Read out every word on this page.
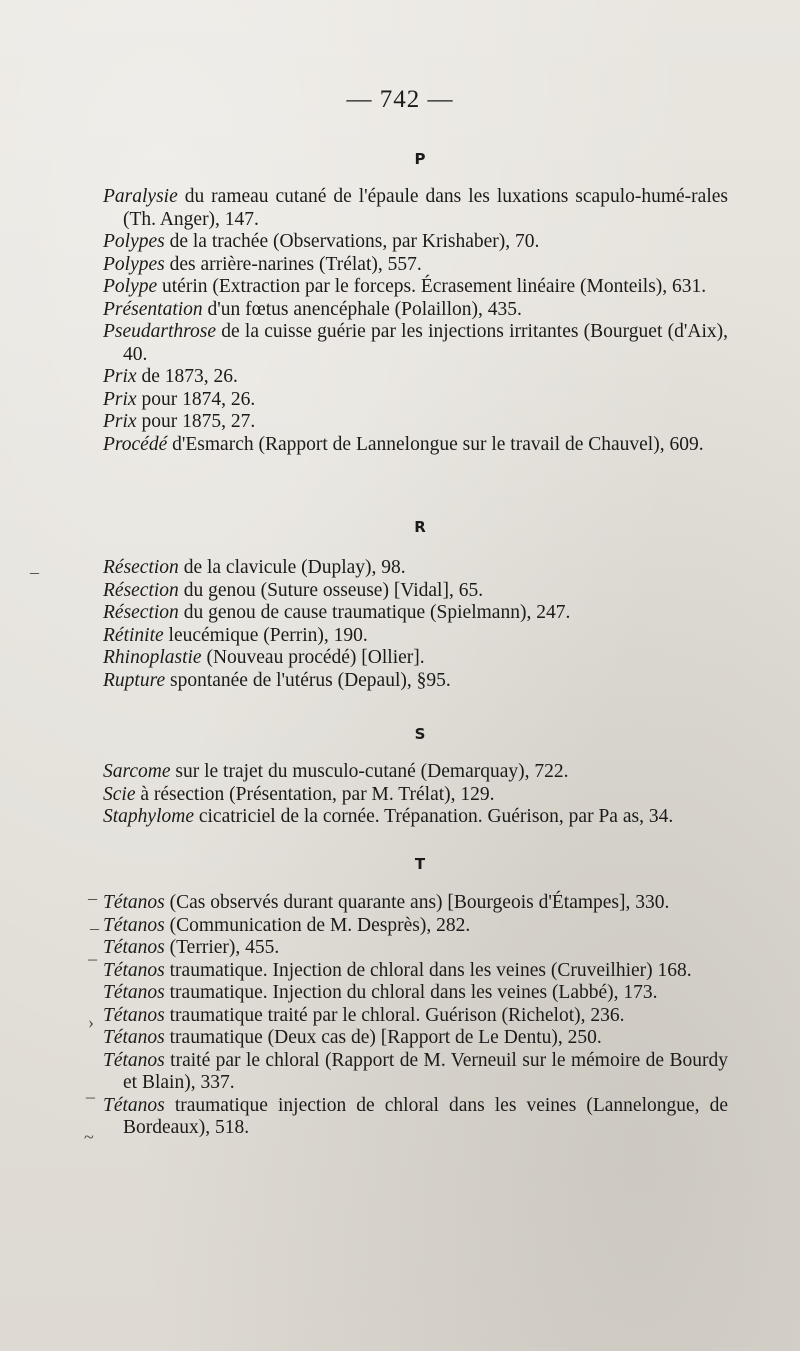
— 742 —
P
Paralysie du rameau cutané de l'épaule dans les luxations scapulo-humé-rales (Th. Anger), 147.
Polypes de la trachée (Observations, par Krishaber), 70.
Polypes des arrière-narines (Trélat), 557.
Polype utérin (Extraction par le forceps. Écrasement linéaire (Monteils), 631.
Présentation d'un fœtus anencéphale (Polaillon), 435.
Pseudarthrose de la cuisse guérie par les injections irritantes (Bourguet (d'Aix), 40.
Prix de 1873, 26.
Prix pour 1874, 26.
Prix pour 1875, 27.
Procédé d'Esmarch (Rapport de Lannelongue sur le travail de Chauvel), 609.
R
Résection de la clavicule (Duplay), 98.
Résection du genou (Suture osseuse) [Vidal], 65.
Résection du genou de cause traumatique (Spielmann), 247.
Rétinite leucémique (Perrin), 190.
Rhinoplastie (Nouveau procédé) [Ollier].
Rupture spontanée de l'utérus (Depaul), §95.
S
Sarcome sur le trajet du musculo-cutané (Demarquay), 722.
Scie à résection (Présentation, par M. Trélat), 129.
Staphylome cicatriciel de la cornée. Trépanation. Guérison, par Pa as, 34.
T
Tétanos (Cas observés durant quarante ans) [Bourgeois d'Étampes], 330.
Tétanos (Communication de M. Desprès), 282.
Tétanos (Terrier), 455.
Tétanos traumatique. Injection de chloral dans les veines (Cruveilhier) 168.
Tétanos traumatique. Injection du chloral dans les veines (Labbé), 173.
Tétanos traumatique traité par le chloral. Guérison (Richelot), 236.
Tétanos traumatique (Deux cas de) [Rapport de Le Dentu), 250.
Tétanos traité par le chloral (Rapport de M. Verneuil sur le mémoire de Bourdy et Blain), 337.
Tétanos traumatique injection de chloral dans les veines (Lannelongue, de Bordeaux), 518.
–
–
_
›
_
~
–
